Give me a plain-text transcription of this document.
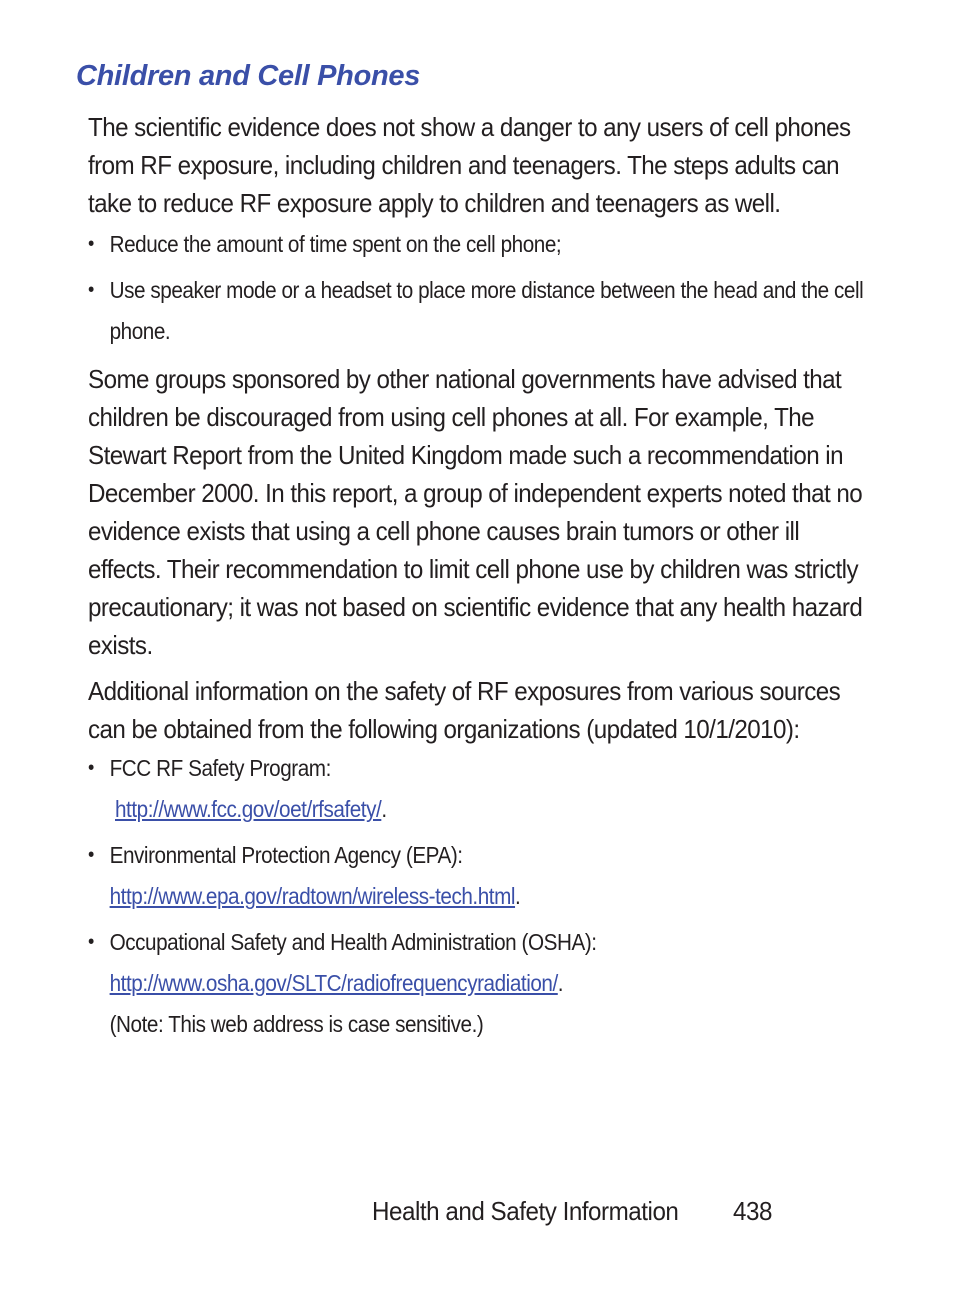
Children and Cell Phones

The scientific evidence does not show a danger to any users of cell phones from RF exposure, including children and teenagers. The steps adults can take to reduce RF exposure apply to children and teenagers as well.

• Reduce the amount of time spent on the cell phone;
• Use speaker mode or a headset to place more distance between the head and the cell phone.

Some groups sponsored by other national governments have advised that children be discouraged from using cell phones at all. For example, The Stewart Report from the United Kingdom made such a recommendation in December 2000. In this report, a group of independent experts noted that no evidence exists that using a cell phone causes brain tumors or other ill effects. Their recommendation to limit cell phone use by children was strictly precautionary; it was not based on scientific evidence that any health hazard exists.

Additional information on the safety of RF exposures from various sources can be obtained from the following organizations (updated 10/1/2010):

• FCC RF Safety Program:
http://www.fcc.gov/oet/rfsafety/.
• Environmental Protection Agency (EPA):
http://www.epa.gov/radtown/wireless-tech.html.
• Occupational Safety and Health Administration (OSHA):
http://www.osha.gov/SLTC/radiofrequencyradiation/.
(Note: This web address is case sensitive.)
Health and Safety Information 438
